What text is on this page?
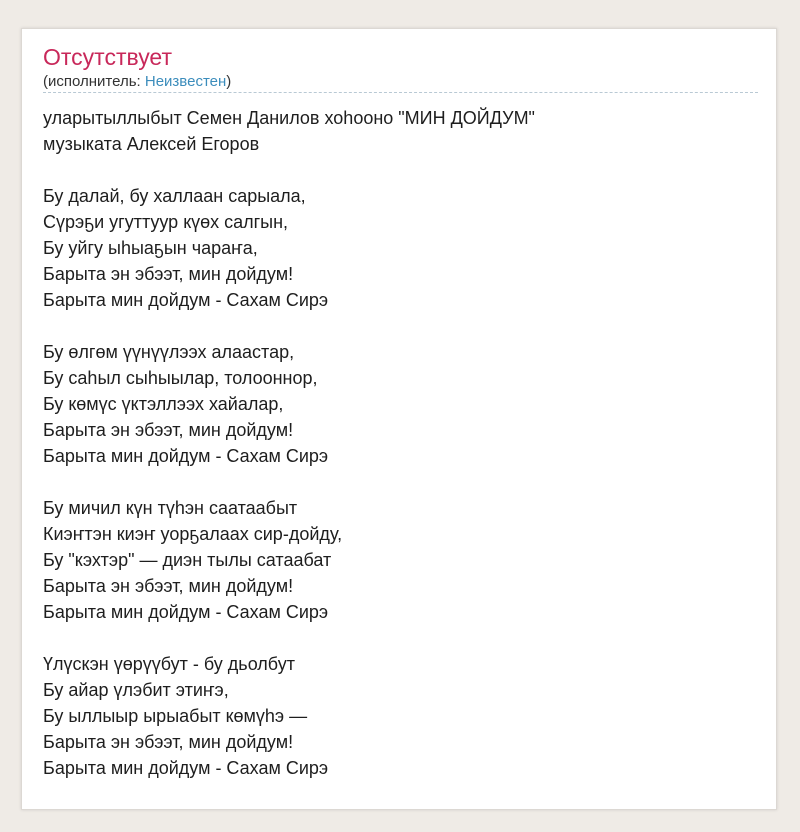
Отсутствует
(исполнитель: Неизвестен)
уларытыллыбыт Семен Данилов хоһооно "МИН ДОЙДУМ"
музыката Алексей Егоров
Бу далай, бу халлаан сарыала,
Сүрэҕи угуттуур күөх салгын,
Бу уйгу ыһыаҕын чараҥа,
Барыта эн эбээт, мин дойдум!
Барыта мин дойдум - Сахам Сирэ
Бу өлгөм үүнүүлээх алаастар,
Бу саһыл сыһыылар, толооннор,
Бу көмүс үктэллээх хайалар,
Барыта эн эбээт, мин дойдум!
Барыта мин дойдум - Сахам Сирэ
Бу мичил күн түһэн саатаабыт
Киэҥтэн киэҥ уорҕалаах сир-дойду,
Бу "кэхтэр" — диэн тылы сатаабат
Барыта эн эбээт, мин дойдум!
Барыта мин дойдум - Сахам Сирэ
Үлүскэн үөрүүбут - бу дьолбут
Бу айар үлэбит этиҥэ,
Бу ыллыыр ырыабыт көмүһэ —
Барыта эн эбээт, мин дойдум!
Барыта мин дойдум - Сахам Сирэ
